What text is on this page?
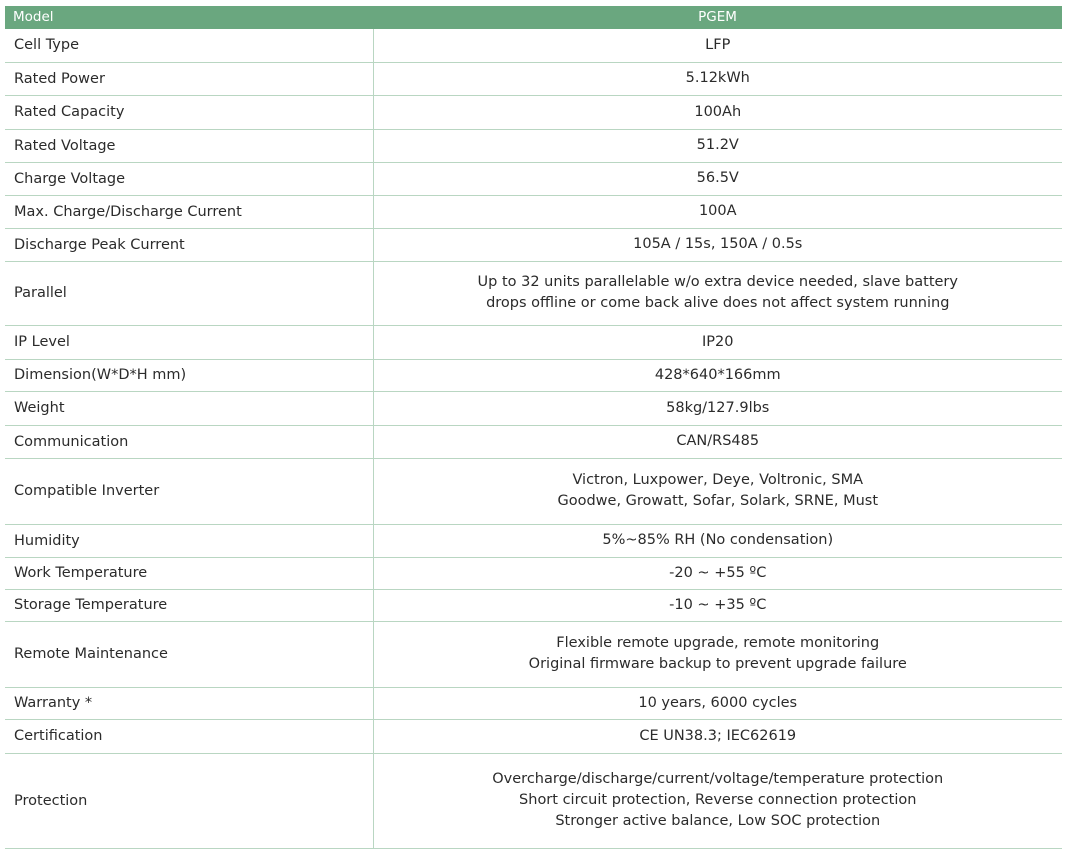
Model	PGEM
Cell Type	LFP

Rated Power	5.12kWh

Rated Capacity	100Ah

Rated Voltage	51.2V

Charge Voltage	56.5V

Max. Charge/Discharge Current	100A

Discharge Peak Current	105A / 15s, 150A / 0.5s

Parallel	Up to 32 units parallelable w/o extra device needed, slave battery
drops offline or come back alive does not affect system running

IP Level	IP20

Dimension(W*D*H mm)	428*640*166mm

Weight	58kg/127.9lbs

Communication	CAN/RS485

Compatible Inverter	Victron, Luxpower, Deye, Voltronic, SMA
Goodwe, Growatt, Sofar, Solark, SRNE, Must

Humidity	5%~85% RH (No condensation)

Work Temperature	-20 ~ +55 ºC

Storage Temperature	-10 ~ +35 ºC

Remote Maintenance	Flexible remote upgrade, remote monitoring
Original firmware backup to prevent upgrade failure

Warranty *	10 years, 6000 cycles

Certification	CE UN38.3; IEC62619

Protection	Overcharge/discharge/current/voltage/temperature protection
Short circuit protection, Reverse connection protection
Stronger active balance, Low SOC protection
